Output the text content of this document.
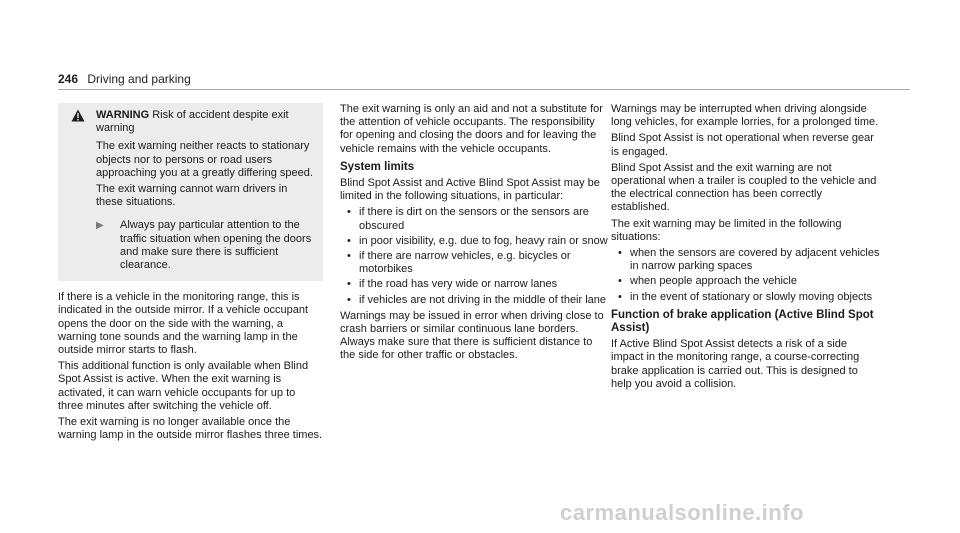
246 Driving and parking
WARNING Risk of accident despite exit warning

The exit warning neither reacts to stationary objects nor to persons or road users approaching you at a greatly differing speed.

The exit warning cannot warn drivers in these situations.

▶	Always pay particular attention to the traffic situation when opening the doors and make sure there is sufficient clearance.

If there is a vehicle in the monitoring range, this is indicated in the outside mirror. If a vehicle occupant opens the door on the side with the warning, a warning tone sounds and the warning lamp in the outside mirror starts to flash.

This additional function is only available when Blind Spot Assist is active. When the exit warning is activated, it can warn vehicle occupants for up to three minutes after switching the vehicle off.

The exit warning is no longer available once the warning lamp in the outside mirror flashes three times.

The exit warning is only an aid and not a substitute for the attention of vehicle occupants. The responsibility for opening and closing the doors and for leaving the vehicle remains with the vehicle occupants.

System limits

Blind Spot Assist and Active Blind Spot Assist may be limited in the following situations, in particular:

• if there is dirt on the sensors or the sensors are obscured
• in poor visibility, e.g. due to fog, heavy rain or snow
• if there are narrow vehicles, e.g. bicycles or motorbikes
• if the road has very wide or narrow lanes
• if vehicles are not driving in the middle of their lane

Warnings may be issued in error when driving close to crash barriers or similar continuous lane borders. Always make sure that there is sufficient distance to the side for other traffic or obstacles.

Warnings may be interrupted when driving alongside long vehicles, for example lorries, for a prolonged time.

Blind Spot Assist is not operational when reverse gear is engaged.

Blind Spot Assist and the exit warning are not operational when a trailer is coupled to the vehicle and the electrical connection has been correctly established.

The exit warning may be limited in the following situations:

• when the sensors are covered by adjacent vehicles in narrow parking spaces
• when people approach the vehicle
• in the event of stationary or slowly moving objects
Function of brake application (Active Blind Spot Assist)

If Active Blind Spot Assist detects a risk of a side impact in the monitoring range, a course-correcting brake application is carried out. This is designed to help you avoid a collision.

carmanualsonline.info
